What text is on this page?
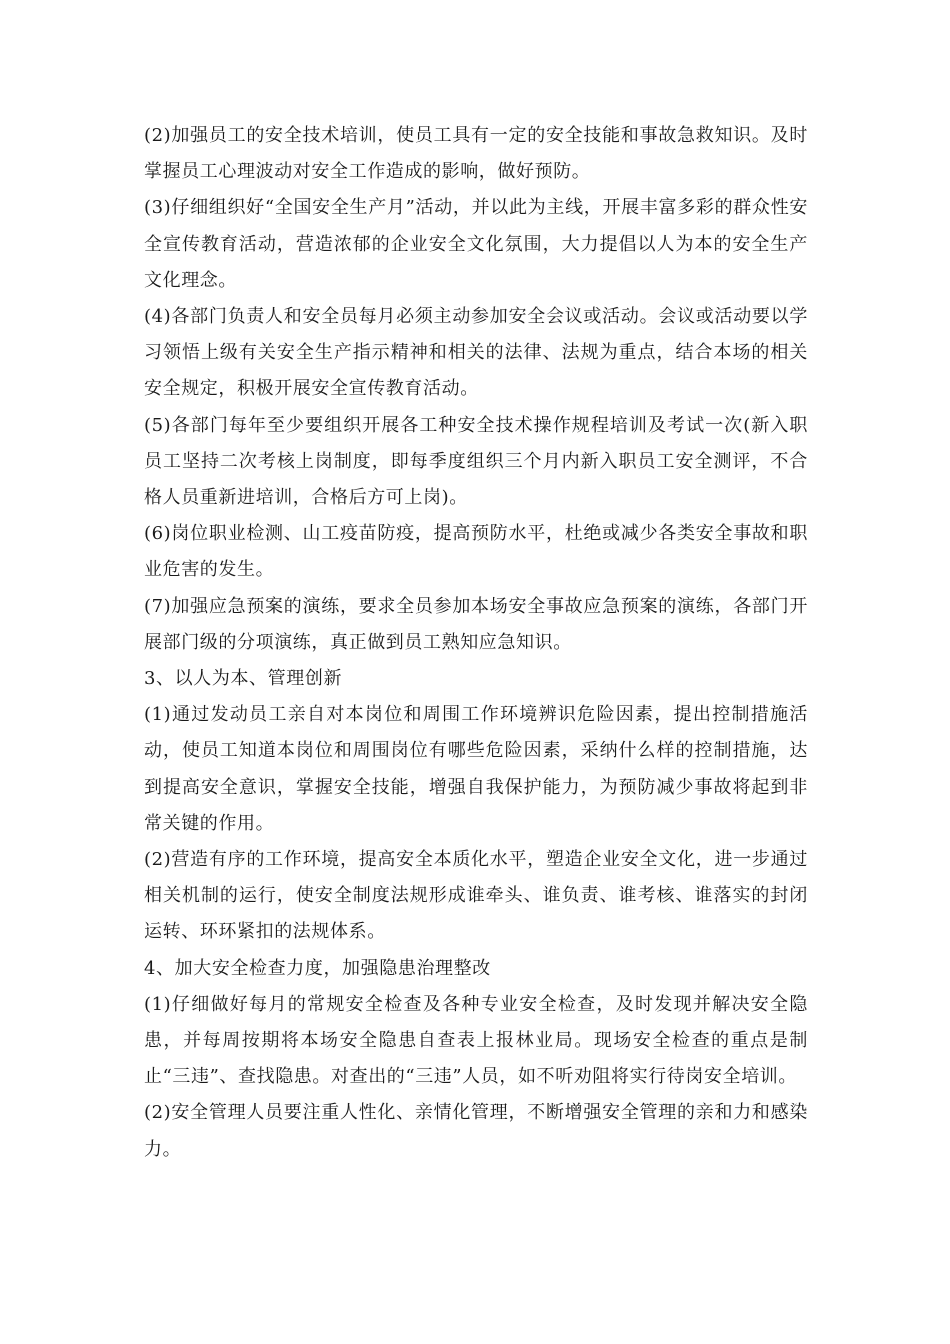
(2)加强员工的安全技术培训，使员工具有一定的安全技能和事故急救知识。及时掌握员工心理波动对安全工作造成的影响，做好预防。

(3)仔细组织好“全国安全生产月”活动，并以此为主线，开展丰富多彩的群众性安全宣传教育活动，营造浓郁的企业安全文化氛围，大力提倡以人为本的安全生产文化理念。

(4)各部门负责人和安全员每月必须主动参加安全会议或活动。会议或活动要以学习领悟上级有关安全生产指示精神和相关的法律、法规为重点，结合本场的相关安全规定，积极开展安全宣传教育活动。

(5)各部门每年至少要组织开展各工种安全技术操作规程培训及考试一次(新入职员工坚持二次考核上岗制度，即每季度组织三个月内新入职员工安全测评，不合格人员重新进培训，合格后方可上岗)。

(6)岗位职业检测、山工疫苗防疫，提高预防水平，杜绝或减少各类安全事故和职业危害的发生。

(7)加强应急预案的演练，要求全员参加本场安全事故应急预案的演练，各部门开展部门级的分项演练，真正做到员工熟知应急知识。

3、以人为本、管理创新

(1)通过发动员工亲自对本岗位和周围工作环境辨识危险因素，提出控制措施活动，使员工知道本岗位和周围岗位有哪些危险因素，采纳什么样的控制措施，达到提高安全意识，掌握安全技能，增强自我保护能力，为预防减少事故将起到非常关键的作用。

(2)营造有序的工作环境，提高安全本质化水平，塑造企业安全文化，进一步通过相关机制的运行，使安全制度法规形成谁牵头、谁负责、谁考核、谁落实的封闭运转、环环紧扣的法规体系。

4、加大安全检查力度，加强隐患治理整改

(1)仔细做好每月的常规安全检查及各种专业安全检查，及时发现并解决安全隐患，并每周按期将本场安全隐患自查表上报林业局。现场安全检查的重点是制止“三违”、查找隐患。对查出的“三违”人员，如不听劝阻将实行待岗安全培训。

(2)安全管理人员要注重人性化、亲情化管理，不断增强安全管理的亲和力和感染力。
